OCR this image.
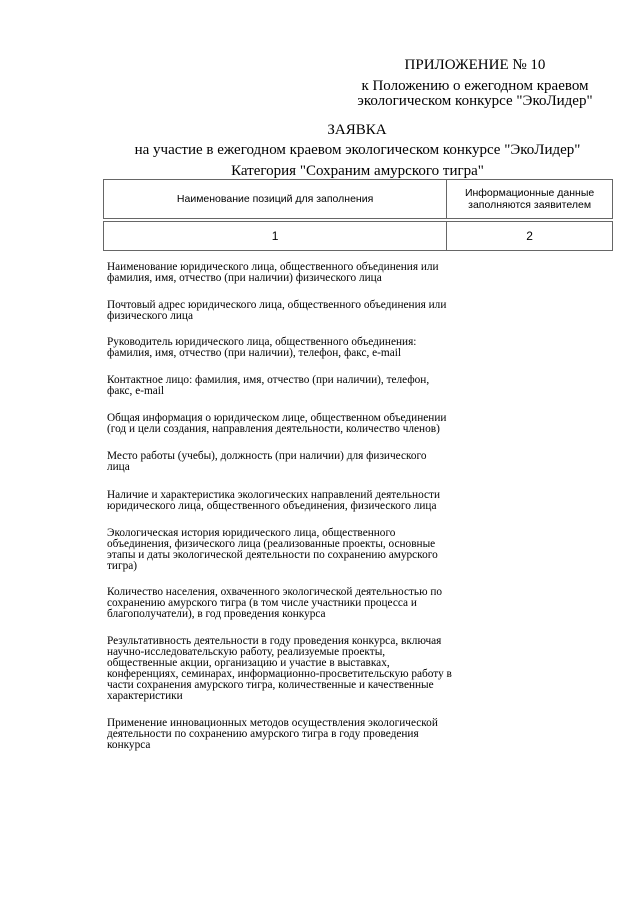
ПРИЛОЖЕНИЕ № 10
к Положению о ежегодном краевом
экологическом конкурсе "ЭкоЛидер"
ЗАЯВКА
на участие в ежегодном краевом экологическом конкурсе "ЭкоЛидер"
Категория "Сохраним амурского тигра"
Наименование позиций для заполнения	Информационные данные заполняются заявителем
1	2

Наименование юридического лица, общественного объединения или фамилия, имя, отчество (при наличии) физического лица

Почтовый адрес юридического лица, общественного объединения или физического лица

Руководитель юридического лица, общественного объединения: фамилия, имя, отчество (при наличии), телефон, факс, e-mail

Контактное лицо: фамилия, имя, отчество (при наличии), телефон, факс, e-mail

Общая информация о юридическом лице, общественном объединении (год и цели создания, направления деятельности, количество членов)

Место работы (учебы), должность (при наличии) для физического лица

Наличие и характеристика экологических направлений деятельности юридического лица, общественного объединения, физического лица

Экологическая история юридического лица, общественного объединения, физического лица (реализованные проекты, основные этапы и даты экологической деятельности по сохранению амурского тигра)

Количество населения, охваченного экологической деятельностью по сохранению амурского тигра (в том числе участники процесса и благополучатели), в год проведения конкурса

Результативность деятельности в году проведения конкурса, включая научно-исследовательскую работу, реализуемые проекты, общественные акции, организацию и участие в выставках, конференциях, семинарах, информационно-просветительскую работу в части сохранения амурского тигра, количественные и качественные характеристики

Применение инновационных методов осуществления экологической деятельности по сохранению амурского тигра в году проведения конкурса
